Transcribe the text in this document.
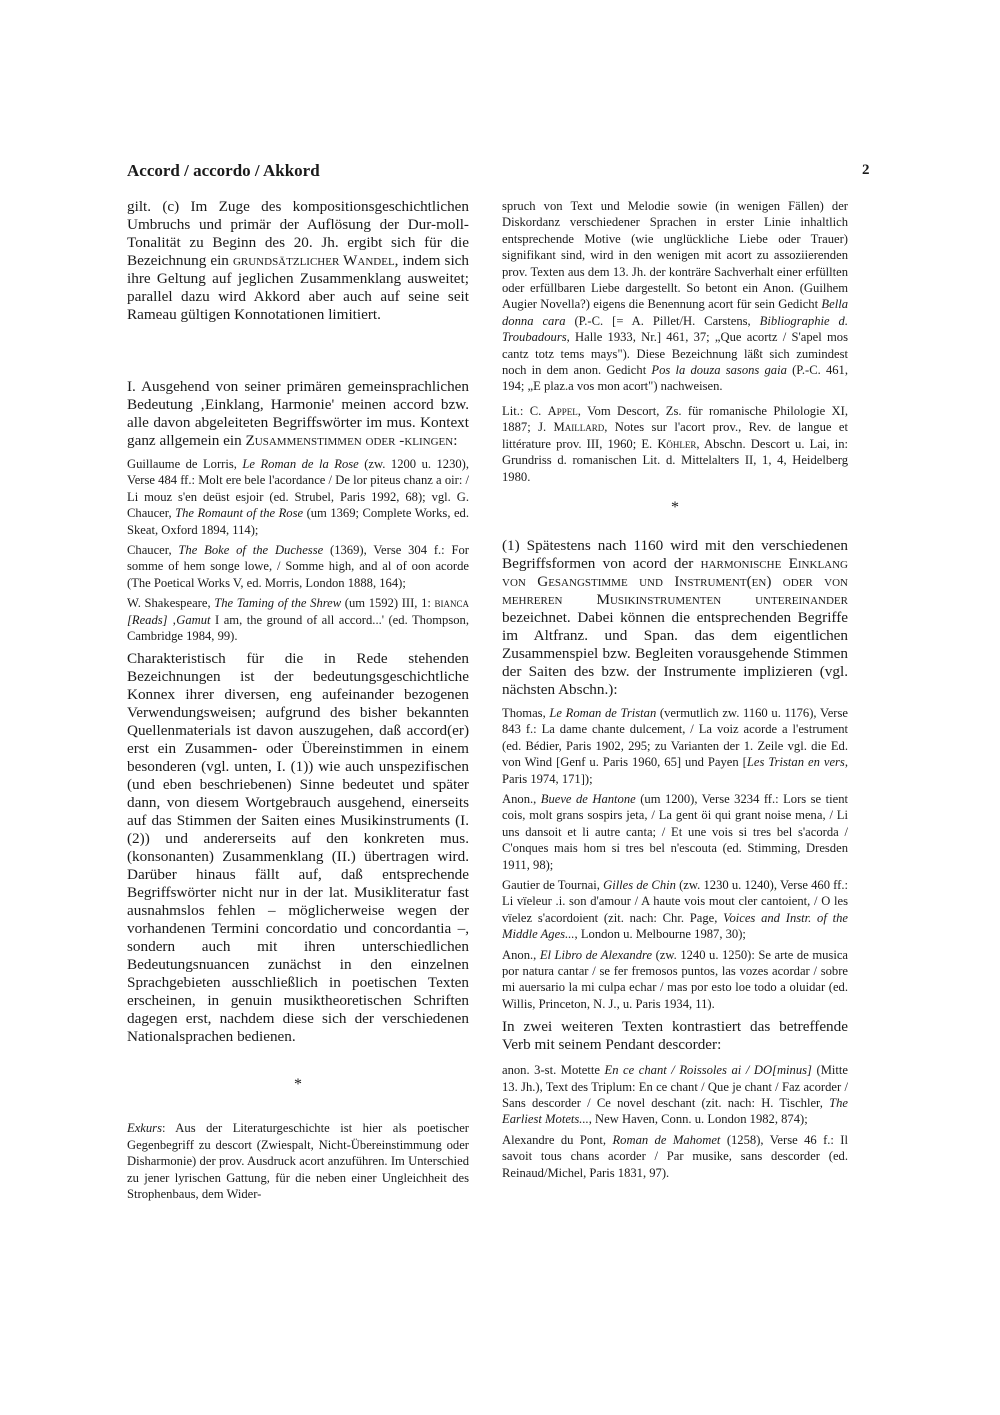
Accord / accordo / Akkord	2

gilt. (c) Im Zuge des kompositionsgeschichtlichen Umbruchs und primär der Auflösung der Dur-moll-Tonalität zu Beginn des 20. Jh. ergibt sich für die Bezeichnung ein grundsätzlicher Wandel, indem sich ihre Geltung auf jeglichen Zusammenklang ausweitet; parallel dazu wird Akkord aber auch auf seine seit Rameau gültigen Konnotationen limitiert.

I. Ausgehend von seiner primären gemeinsprachlichen Bedeutung ‚Einklang, Harmonie' meinen accord bzw. alle davon abgeleiteten Begriffswörter im mus. Kontext ganz allgemein ein Zusammenstimmen oder -klingen:

Guillaume de Lorris, Le Roman de la Rose (zw. 1200 u. 1230), Verse 484 ff.: Molt ere bele l'acordance / De lor piteus chanz a oir: / Li mouz s'en deüst esjoir (ed. Strubel, Paris 1992, 68); vgl. G. Chaucer, The Romaunt of the Rose (um 1369; Complete Works, ed. Skeat, Oxford 1894, 114);

Chaucer, The Boke of the Duchesse (1369), Verse 304 f.: For somme of hem songe lowe, / Somme high, and al of oon acorde (The Poetical Works V, ed. Morris, London 1888, 164);

W. Shakespeare, The Taming of the Shrew (um 1592) III, 1: bianca [Reads] ‚Gamut I am, the ground of all accord...' (ed. Thompson, Cambridge 1984, 99).

Charakteristisch für die in Rede stehenden Bezeichnungen ist der bedeutungsgeschichtliche Konnex ihrer diversen, eng aufeinander bezogenen Verwendungsweisen; aufgrund des bisher bekannten Quellenmaterials ist davon auszugehen, daß accord(er) erst ein Zusammen- oder Übereinstimmen in einem besonderen (vgl. unten, I. (1)) wie auch unspezifischen (und eben beschriebenen) Sinne bedeutet und später dann, von diesem Wortgebrauch ausgehend, einerseits auf das Stimmen der Saiten eines Musikinstruments (I. (2)) und andererseits auf den konkreten mus. (konsonanten) Zusammenklang (II.) übertragen wird. Darüber hinaus fällt auf, daß entsprechende Begriffswörter nicht nur in der lat. Musikliteratur fast ausnahmslos fehlen – möglicherweise wegen der vorhandenen Termini concordatio und concordantia –, sondern auch mit ihren unterschiedlichen Bedeutungsnuancen zunächst in den einzelnen Sprachgebieten ausschließlich in poetischen Texten erscheinen, in genuin musiktheoretischen Schriften dagegen erst, nachdem diese sich der verschiedenen Nationalsprachen bedienen.

*

Exkurs: Aus der Literaturgeschichte ist hier als poetischer Gegenbegriff zu descort (Zwiespalt, Nicht-Übereinstimmung oder Disharmonie) der prov. Ausdruck acort anzuführen. Im Unterschied zu jener lyrischen Gattung, für die neben einer Ungleichheit des Strophenbaus, dem Wider-

spruch von Text und Melodie sowie (in wenigen Fällen) der Diskordanz verschiedener Sprachen in erster Linie inhaltlich entsprechende Motive (wie unglückliche Liebe oder Trauer) signifikant sind, wird in den wenigen mit acort zu assoziierenden prov. Texten aus dem 13. Jh. der konträre Sachverhalt einer erfüllten oder erfüllbaren Liebe dargestellt. So betont ein Anon. (Guilhem Augier Novella?) eigens die Benennung acort für sein Gedicht Bella donna cara (P.-C. [= A. Pillet/H. Carstens, Bibliographie d. Troubadours, Halle 1933, Nr.] 461, 37; „Que acortz / S'apel mos cantz totz tems mays"). Diese Bezeichnung läßt sich zumindest noch in dem anon. Gedicht Pos la douza sasons gaia (P.-C. 461, 194; „E plaz.a vos mon acort") nachweisen.

Lit.: C. Appel, Vom Descort, Zs. für romanische Philologie XI, 1887; J. Maillard, Notes sur l'acort prov., Rev. de langue et littérature prov. III, 1960; E. Köhler, Abschn. Descort u. Lai, in: Grundriss d. romanischen Lit. d. Mittelalters II, 1, 4, Heidelberg 1980.

*

(1) Spätestens nach 1160 wird mit den verschiedenen Begriffsformen von acord der harmonische Einklang von Gesangstimme und Instrument(en) oder von mehreren Musikinstrumenten untereinander bezeichnet. Dabei können die entsprechenden Begriffe im Altfranz. und Span. das dem eigentlichen Zusammenspiel bzw. Begleiten vorausgehende Stimmen der Saiten des bzw. der Instrumente implizieren (vgl. nächsten Abschn.):

Thomas, Le Roman de Tristan (vermutlich zw. 1160 u. 1176), Verse 843 f.: La dame chante dulcement, / La voiz acorde a l'estrument (ed. Bédier, Paris 1902, 295; zu Varianten der 1. Zeile vgl. die Ed. von Wind [Genf u. Paris 1960, 65] und Payen [Les Tristan en vers, Paris 1974, 171]);

Anon., Bueve de Hantone (um 1200), Verse 3234 ff.: Lors se tient cois, molt grans sospirs jeta, / La gent öi qui grant noise mena, / Li uns dansoit et li autre canta; / Et une vois si tres bel s'acorda / C'onques mais hom si tres bel n'escouta (ed. Stimming, Dresden 1911, 98);

Gautier de Tournai, Gilles de Chin (zw. 1230 u. 1240), Verse 460 ff.: Li vïeleur .i. son d'amour / A haute vois mout cler cantoient, / O les vïelez s'acordoient (zit. nach: Chr. Page, Voices and Instr. of the Middle Ages..., London u. Melbourne 1987, 30);

Anon., El Libro de Alexandre (zw. 1240 u. 1250): Se arte de musica por natura cantar / se fer fremosos puntos, las vozes acordar / sobre mi auersario la mi culpa echar / mas por esto loe todo a oluidar (ed. Willis, Princeton, N. J., u. Paris 1934, 11).

In zwei weiteren Texten kontrastiert das betreffende Verb mit seinem Pendant descorder:

anon. 3-st. Motette En ce chant / Roissoles ai / DO[minus] (Mitte 13. Jh.), Text des Triplum: En ce chant / Que je chant / Faz acorder / Sans descorder / Ce novel deschant (zit. nach: H. Tischler, The Earliest Motets..., New Haven, Conn. u. London 1982, 874);

Alexandre du Pont, Roman de Mahomet (1258), Verse 46 f.: Il savoit tous chans acorder / Par musike, sans descorder (ed. Reinaud/Michel, Paris 1831, 97).
